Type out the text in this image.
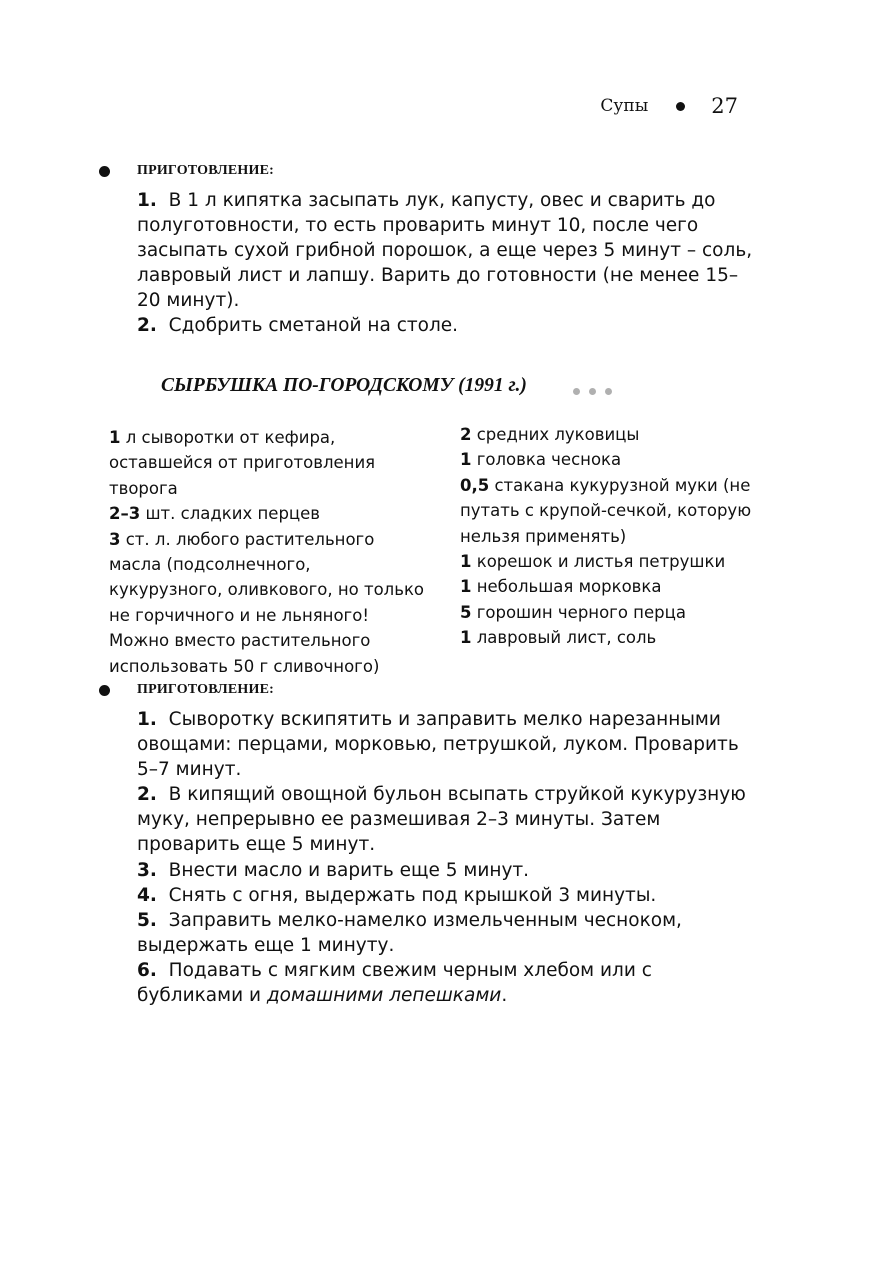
Супы	27
ПРИГОТОВЛЕНИЕ:
1. В 1 л кипятка засыпать лук, капусту, овес и сварить до полуготовности, то есть проварить минут 10, после чего засыпать сухой грибной порошок, а еще через 5 минут – соль, лавровый лист и лапшу. Варить до готовности (не менее 15–20 минут).
2. Сдобрить сметаной на столе.
СЫРБУШКА ПО-ГОРОДСКОМУ (1991 г.)
1 л сыворотки от кефира, оставшейся от приготовления творога
2–3 шт. сладких перцев
3 ст. л. любого растительного масла (подсолнечного, кукурузного, оливкового, но только не горчичного и не льняного! Можно вместо растительного использовать 50 г сливочного)
2 средних луковицы
1 головка чеснока
0,5 стакана кукурузной муки (не путать с крупой-сечкой, которую нельзя применять)
1 корешок и листья петрушки
1 небольшая морковка
5 горошин черного перца
1 лавровый лист, соль
ПРИГОТОВЛЕНИЕ:
1. Сыворотку вскипятить и заправить мелко нарезанными овощами: перцами, морковью, петрушкой, луком. Проварить 5–7 минут.
2. В кипящий овощной бульон всыпать струйкой кукурузную муку, непрерывно ее размешивая 2–3 минуты. Затем проварить еще 5 минут.
3. Внести масло и варить еще 5 минут.
4. Снять с огня, выдержать под крышкой 3 минуты.
5. Заправить мелко-намелко измельченным чесноком, выдержать еще 1 минуту.
6. Подавать с мягким свежим черным хлебом или с бубликами и домашними лепешками.
